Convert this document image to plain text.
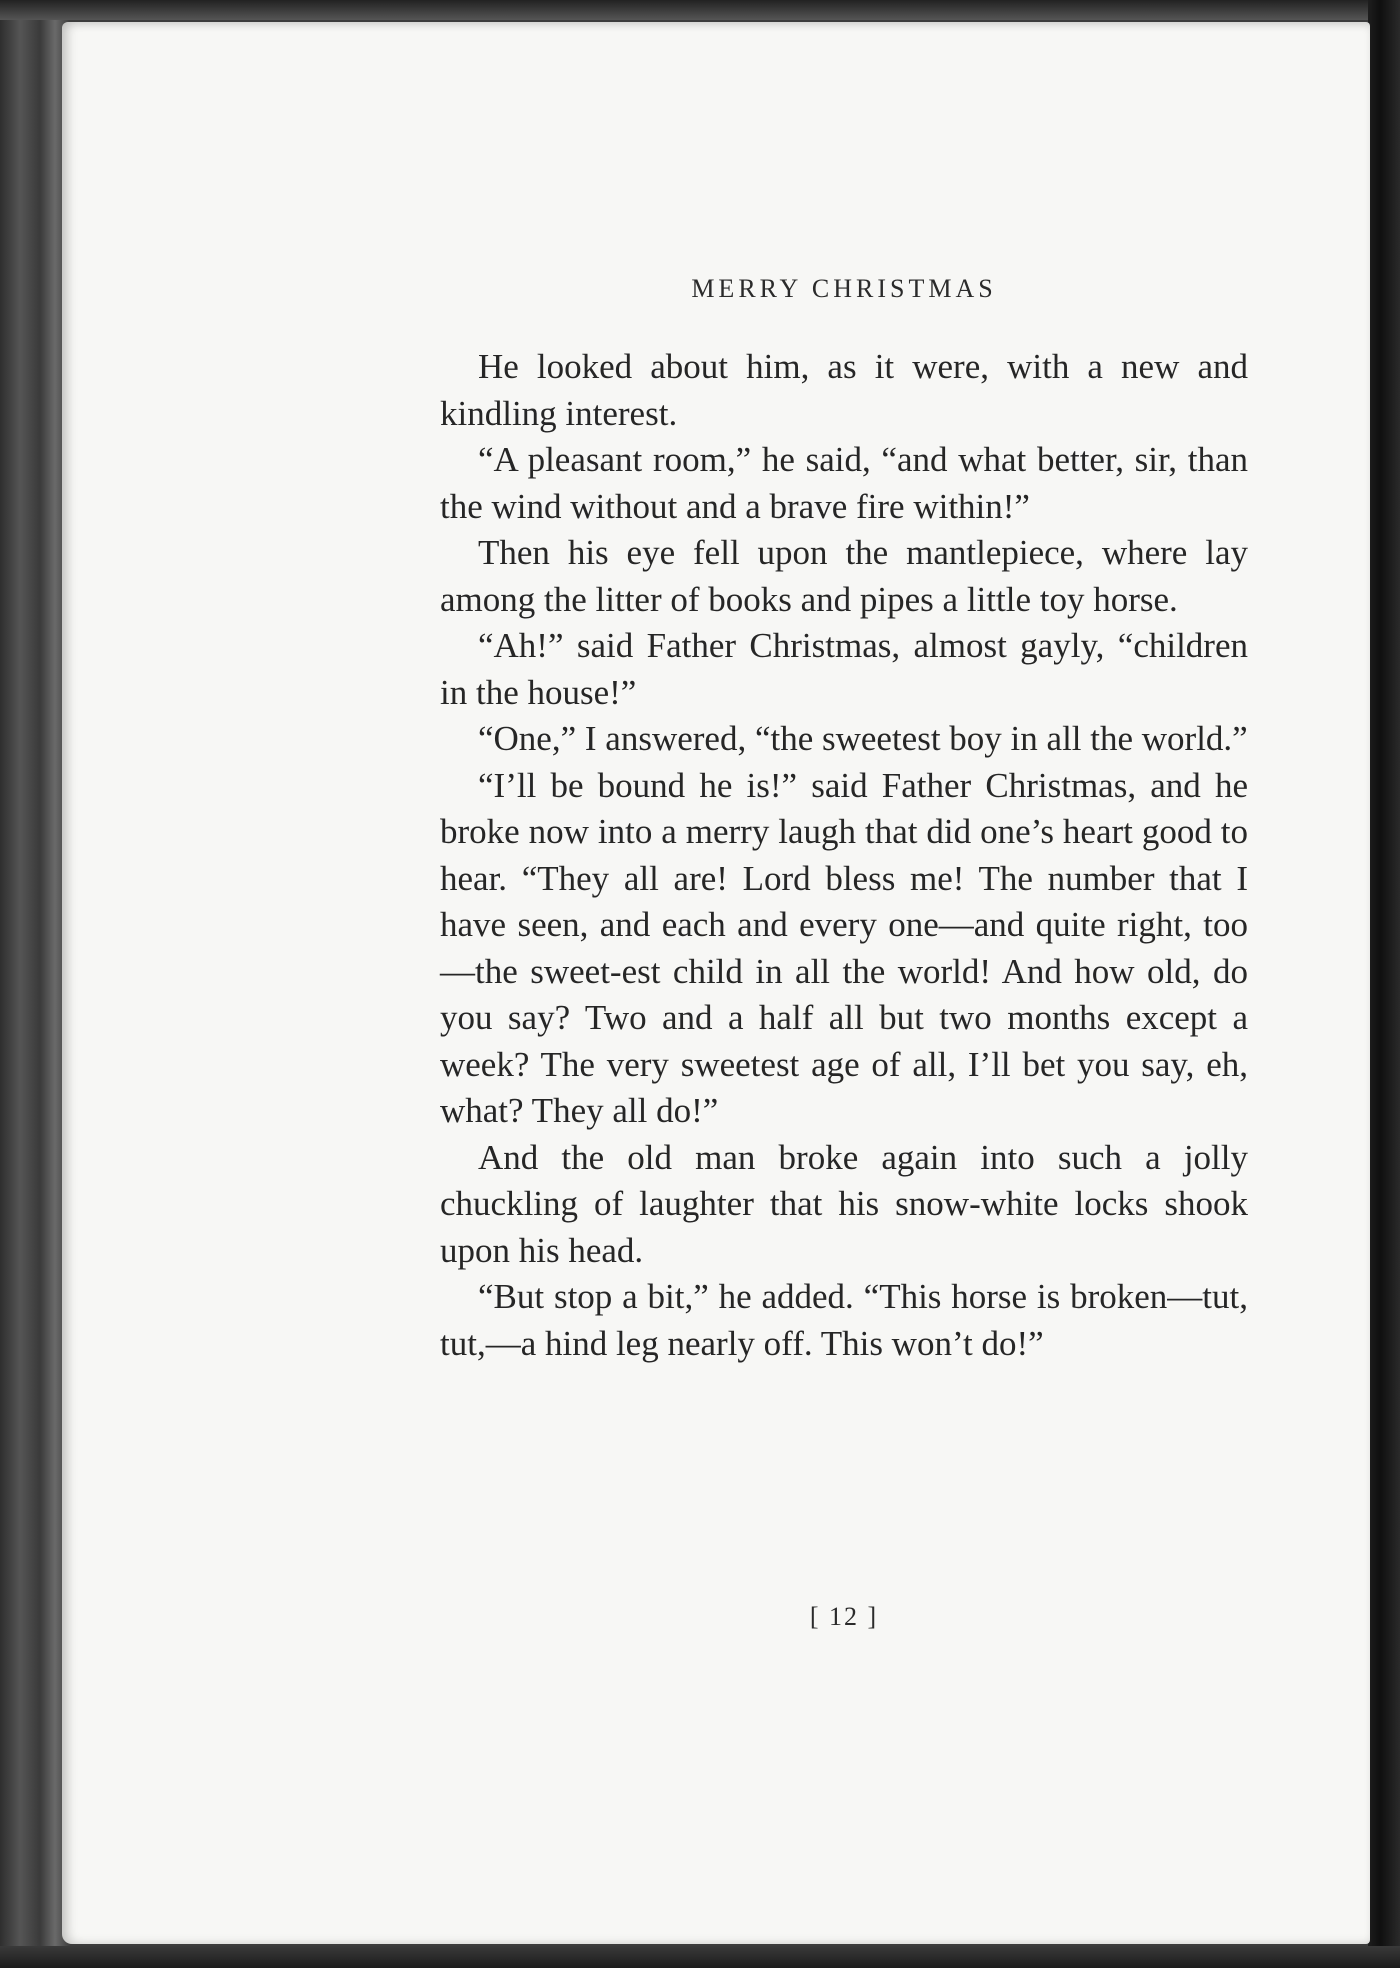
MERRY CHRISTMAS

He looked about him, as it were, with a new and kindling interest.

“A pleasant room,” he said, “and what better, sir, than the wind without and a brave fire within!”

Then his eye fell upon the mantlepiece, where lay among the litter of books and pipes a little toy horse.

“Ah!” said Father Christmas, almost gayly, “children in the house!”

“One,” I answered, “the sweetest boy in all the world.”

“I’ll be bound he is!” said Father Christmas, and he broke now into a merry laugh that did one’s heart good to hear. “They all are! Lord bless me! The number that I have seen, and each and every one—and quite right, too—the sweet-est child in all the world! And how old, do you say? Two and a half all but two months except a week? The very sweetest age of all, I’ll bet you say, eh, what? They all do!”

And the old man broke again into such a jolly chuckling of laughter that his snow-white locks shook upon his head.

“But stop a bit,” he added. “This horse is broken—tut, tut,—a hind leg nearly off. This won’t do!”

[ 12 ]
